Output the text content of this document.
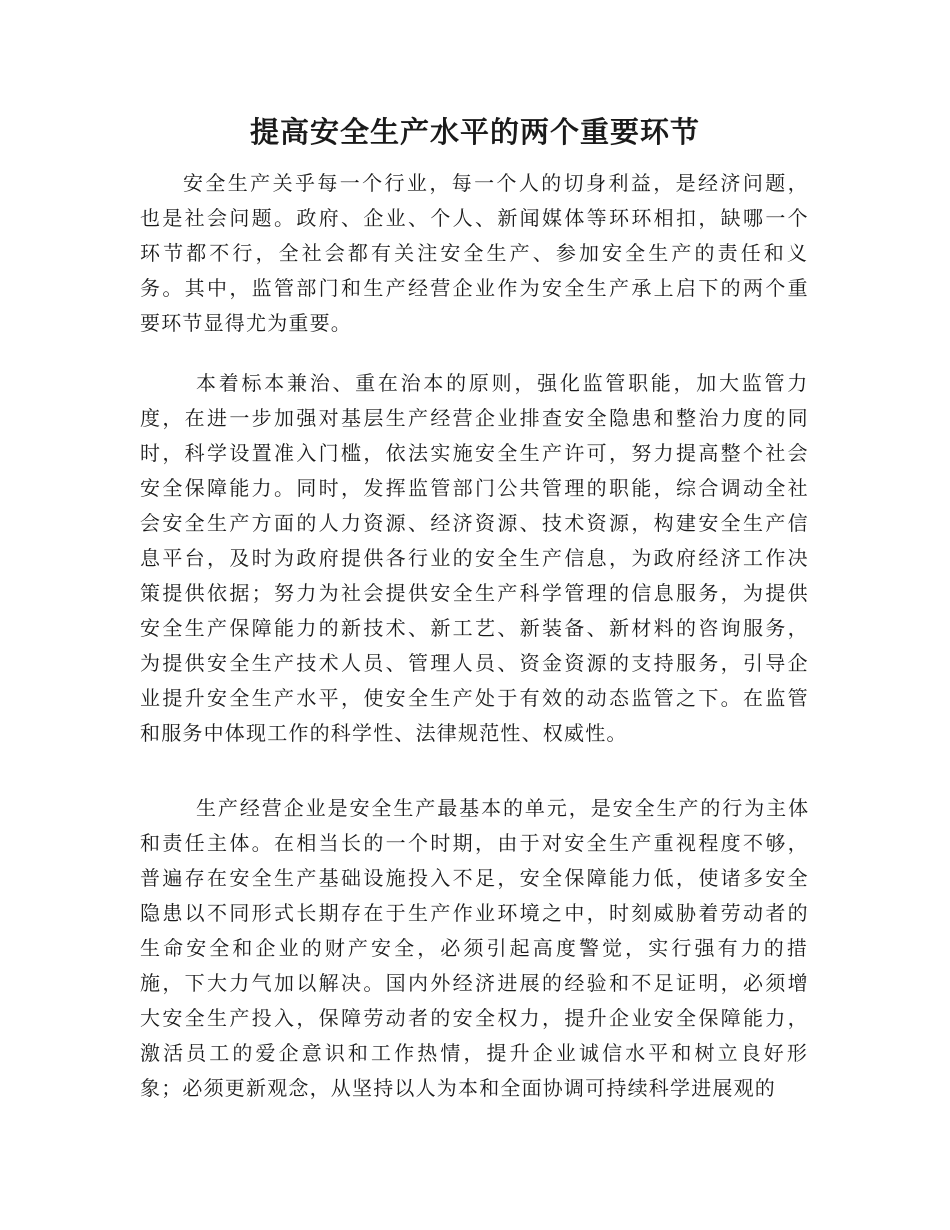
提高安全生产水平的两个重要环节
安全生产关乎每一个行业，每一个人的切身利益，是经济问题，
也是社会问题。政府、企业、个人、新闻媒体等环环相扣，缺哪一个
环节都不行，全社会都有关注安全生产、参加安全生产的责任和义
务。其中，监管部门和生产经营企业作为安全生产承上启下的两个重
要环节显得尤为重要。
本着标本兼治、重在治本的原则，强化监管职能，加大监管力
度，在进一步加强对基层生产经营企业排查安全隐患和整治力度的同
时，科学设置准入门槛，依法实施安全生产许可，努力提高整个社会
安全保障能力。同时，发挥监管部门公共管理的职能，综合调动全社
会安全生产方面的人力资源、经济资源、技术资源，构建安全生产信
息平台，及时为政府提供各行业的安全生产信息，为政府经济工作决
策提供依据；努力为社会提供安全生产科学管理的信息服务，为提供
安全生产保障能力的新技术、新工艺、新装备、新材料的咨询服务，
为提供安全生产技术人员、管理人员、资金资源的支持服务，引导企
业提升安全生产水平，使安全生产处于有效的动态监管之下。在监管
和服务中体现工作的科学性、法律规范性、权威性。
生产经营企业是安全生产最基本的单元，是安全生产的行为主体
和责任主体。在相当长的一个时期，由于对安全生产重视程度不够，
普遍存在安全生产基础设施投入不足，安全保障能力低，使诸多安全
隐患以不同形式长期存在于生产作业环境之中，时刻威胁着劳动者的
生命安全和企业的财产安全，必须引起高度警觉，实行强有力的措
施，下大力气加以解决。国内外经济进展的经验和不足证明，必须增
大安全生产投入，保障劳动者的安全权力，提升企业安全保障能力，
激活员工的爱企意识和工作热情，提升企业诚信水平和树立良好形
象；必须更新观念，从坚持以人为本和全面协调可持续科学进展观的
